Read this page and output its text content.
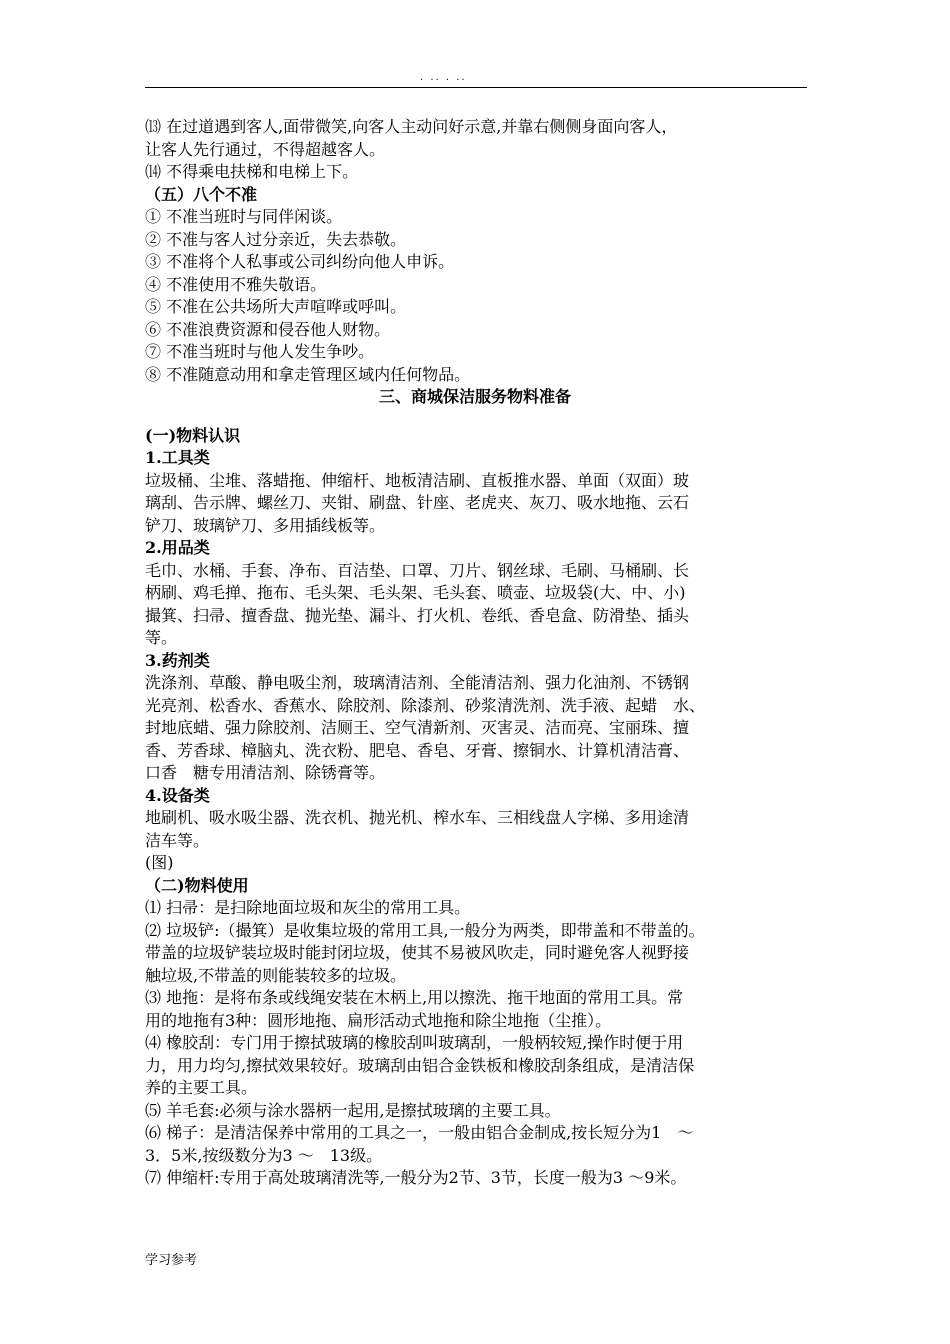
. .. . ..
⒀ 在过道遇到客人,面带微笑,向客人主动问好示意,并靠右侧侧身面向客人，
让客人先行通过，不得超越客人。
⒁ 不得乘电扶梯和电梯上下。
（五）八个不准
① 不准当班时与同伴闲谈。
② 不准与客人过分亲近，失去恭敬。
③ 不准将个人私事或公司纠纷向他人申诉。
④ 不准使用不雅失敬语。
⑤ 不准在公共场所大声喧哗或呼叫。
⑥ 不准浪费资源和侵吞他人财物。
⑦ 不准当班时与他人发生争吵。
⑧ 不准随意动用和拿走管理区域内任何物品。
三、商城保洁服务物料准备
(一)物料认识
1.工具类
垃圾桶、尘堆、落蜡拖、伸缩杆、地板清洁刷、直板推水器、单面（双面）玻
璃刮、告示牌、螺丝刀、夹钳、刷盘、针座、老虎夹、灰刀、吸水地拖、云石
铲刀、玻璃铲刀、多用插线板等。
2.用品类
毛巾、水桶、手套、净布、百洁垫、口罩、刀片、钢丝球、毛刷、马桶刷、长
柄刷、鸡毛掸、拖布、毛头架、毛头架、毛头套、喷壶、垃圾袋(大、中、小)
撮箕、扫帚、擅香盘、抛光垫、漏斗、打火机、卷纸、香皂盒、防滑垫、插头
等。
3.药剂类
洗涤剂、草酸、静电吸尘剂，玻璃清洁剂、全能清洁剂、强力化油剂、不锈钢
光亮剂、松香水、香蕉水、除胶剂、除漆剂、砂浆清洗剂、洗手液、起蜡　水、
封地底蜡、强力除胶剂、洁厕王、空气清新剂、灭害灵、洁而亮、宝丽珠、擅
香、芳香球、樟脑丸、洗衣粉、肥皂、香皂、牙膏、擦铜水、计算机清洁膏、
口香　糖专用清洁剂、除锈膏等。
4.设备类
地刷机、吸水吸尘器、洗衣机、抛光机、榨水车、三相线盘人字梯、多用途清
洁车等。
(图)
（二)物料使用
⑴ 扫帚：是扫除地面垃圾和灰尘的常用工具。
⑵ 垃圾铲:（撮箕）是收集垃圾的常用工具,一般分为两类，即带盖和不带盖的。
带盖的垃圾铲装垃圾时能封闭垃圾，使其不易被风吹走，同时避免客人视野接
触垃圾,不带盖的则能装较多的垃圾。
⑶ 地拖：是将布条或线绳安装在木柄上,用以擦洗、拖干地面的常用工具。常
用的地拖有3种：圆形地拖、扁形活动式地拖和除尘地拖（尘推）。
⑷ 橡胶刮：专门用于擦拭玻璃的橡胶刮叫玻璃刮，一般柄较短,操作时便于用
力，用力均匀,擦拭效果较好。玻璃刮由铝合金铁板和橡胶刮条组成，是清洁保
养的主要工具。
⑸ 羊毛套:必须与涂水器柄一起用,是擦拭玻璃的主要工具。
⑹ 梯子：是清洁保养中常用的工具之一，一般由铝合金制成,按长短分为1　～
3．5米,按级数分为3 ～　13级。
⑺ 伸缩杆:专用于高处玻璃清洗等,一般分为2节、3节，长度一般为3 ～9米。
学习参考
